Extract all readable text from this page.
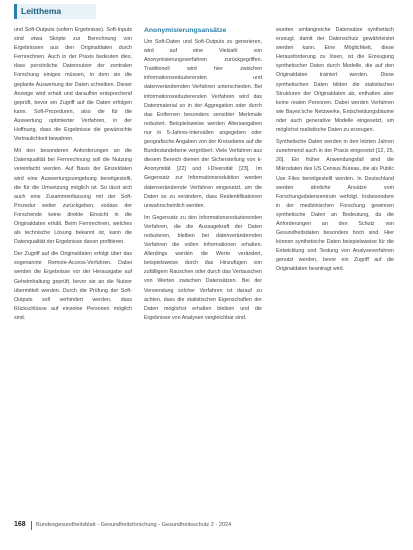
Leitthema

und Soft-Outputs (sofern Ergebnisse). Soft-Inputs sind etwa Skripte zur Berechnung von Ergebnissen aus den Originaldaten durch Fernrechnen. Auch in der Praxis bedeuten dies, dass persönliche Datennutzer der zentralen Forschung einiges müssen, in dem sie die geplante Auswertung der Daten schreiben. Dieser Anzeige wird erhalt und daraufhin entsprechend geprüft, bevor ein Zugriff auf die Daten erfolgen kann. Soft-Prozeduren, also die für die Auswertung optimierter Verfahren, in der Hoffnung, dass die Ergebnisse die gewünschte Vertraulichkeit bewahren.

Mit den besonderen Anforderungen an die Datenqualität bei Fernrechnung soll die Nutzung vereinfacht werden. Auf Basis der Einzeldaten wird eine Auswertungsumgebung bereitgestellt, die für die Umsetzung möglich ist. So lässt sich auch eine Zusammenfassung mit der Soft-Prozedur weiter zurückgeben, sodass der Forschende keine direkte Einsicht in die Originaldaten erhält. Beim Fernrechnen, welches als technische Lösung bekannt ist, kann die Datenqualität der Ergebnisse davon profitieren.

Der Zugriff auf die Originaldaten erfolgt über das sogenannte Remote-Access-Verfahren. Dabei werden die Ergebnisse vor der Herausgabe auf Geheimhaltung geprüft, bevor sie an die Nutzer übermittelt werden. Durch die Prüfung der Soft-Outputs soll verhindert werden, dass Rückschlüsse auf einzelne Personen möglich sind.

Anonymisierungsansätze

Um Soft-Daten und Soft-Outputs zu generieren, wird auf eine Vielzahl von Anonymisierungsverfahren zurückgegriffen. Traditionell wird hier zwischen informationsreduzierenden und datenverändernden Verfahren unterschieden. Bei informationsreduzierenden Verfahren wird das Datenmaterial so in der Aggregation oder durch das Entfernen besonders sensibler Merkmale reduziert. Beispielsweise werden Altersangaben nur in 5-Jahres-Intervallen angegeben oder geografische Angaben von der Kreisebene auf die Bundeslandebene vergröbert. Viele Verfahren aus diesem Bereich dienen der Sicherstellung von k-Anonymität [22] und l-Diversität [23]. Im Gegensatz zur Informationsreduktion werden datenverändernde Verfahren eingesetzt, um die Daten so zu verändern, dass Reidentifikationen unwahrscheinlich werden.

Im Gegensatz zu den informationsreduzierenden Verfahren, die die Aussagekraft der Daten reduzieren, bleiben bei datenverändernden Verfahren die vollen Informationen erhalten. Allerdings werden die Werte verändert, beispielsweise durch das Hinzufügen von zufälligem Rauschen oder durch das Vertauschen von Werten zwischen Datensätzen. Bei der Verwendung solcher Verfahren ist darauf zu achten, dass die statistischen Eigenschaften der Daten möglichst erhalten bleiben und die Ergebnisse von Analysen vergleichbar sind.

wurden umfangreiche Datensätze synthetisch erzeugt, damit der Datenschutz gewährleistet werden kann. Eine Möglichkeit, diese Herausforderung zu lösen, ist die Erzeugung synthetischer Daten durch Modelle, die auf den Originaldaten trainiert werden. Diese synthetischen Daten bilden die statistischen Strukturen der Originaldaten ab, enthalten aber keine realen Personen. Dabei werden Verfahren wie Bayes'sche Netzwerke, Entscheidungsbäume oder auch generative Modelle eingesetzt, um möglichst realistische Daten zu erzeugen.

Synthetische Daten werden in den letzten Jahren zunehmend auch in der Praxis eingesetzt [12, 25, 26]. Ein früher Anwendungsfall sind die Mikrodaten des US Census Bureau, die als Public Use Files bereitgestellt werden. In Deutschland werden ähnliche Ansätze vom Forschungsdatenzentrum verfolgt. Insbesondere in der medizinischen Forschung gewinnen synthetische Daten an Bedeutung, da die Anforderungen an den Schutz von Gesundheitsdaten besonders hoch sind. Hier können synthetische Daten beispielsweise für die Entwicklung und Testung von Analyseverfahren genutzt werden, bevor ein Zugriff auf die Originaldaten beantragt wird.

168 Bundesgesundheitsblatt - Gesundheitsforschung - Gesundheitsschutz 2 · 2024
